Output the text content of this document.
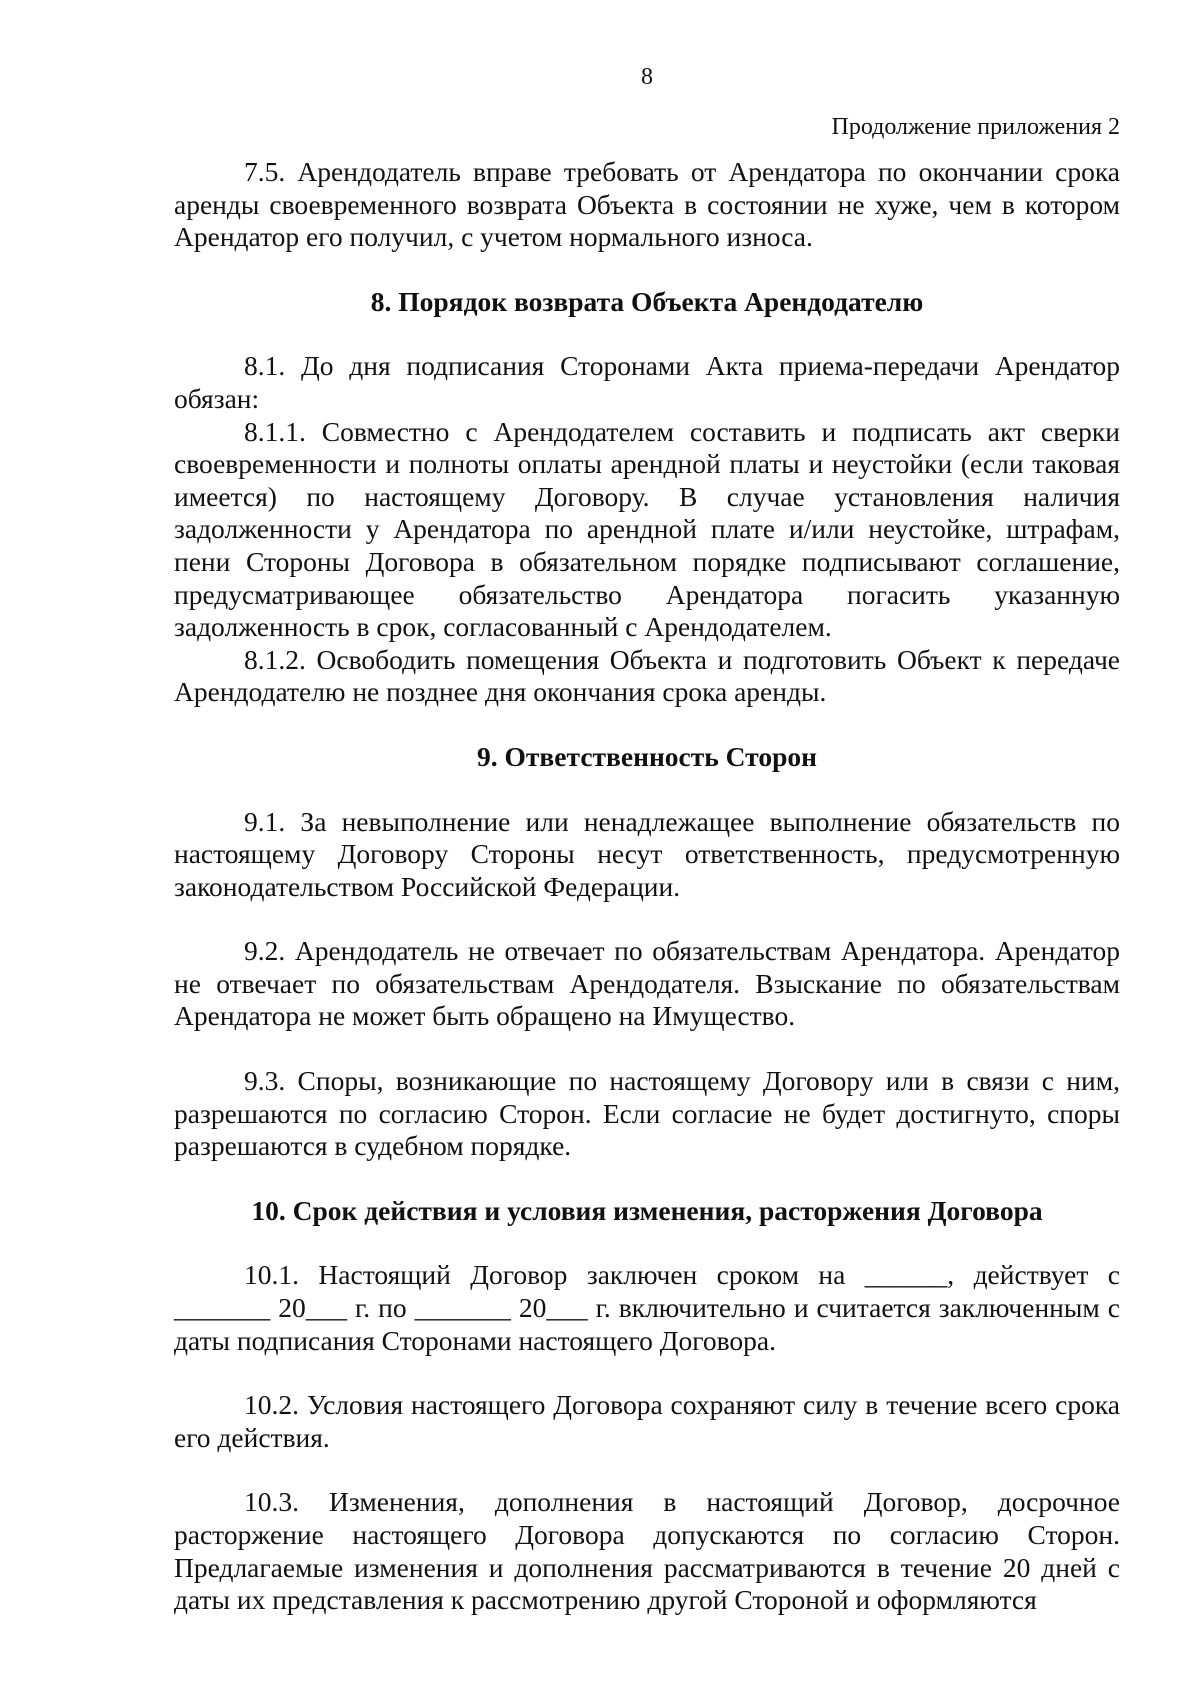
8
Продолжение приложения 2

7.5. Арендодатель вправе требовать от Арендатора по окончании срока аренды своевременного возврата Объекта в состоянии не хуже, чем в котором Арендатор его получил, с учетом нормального износа.

8. Порядок возврата Объекта Арендодателю

8.1. До дня подписания Сторонами Акта приема-передачи Арендатор обязан:

8.1.1. Совместно с Арендодателем составить и подписать акт сверки своевременности и полноты оплаты арендной платы и неустойки (если таковая имеется) по настоящему Договору. В случае установления наличия задолженности у Арендатора по арендной плате и/или неустойке, штрафам, пени Стороны Договора в обязательном порядке подписывают соглашение, предусматривающее обязательство Арендатора погасить указанную задолженность в срок, согласованный с Арендодателем.

8.1.2. Освободить помещения Объекта и подготовить Объект к передаче Арендодателю не позднее дня окончания срока аренды.

9. Ответственность Сторон

9.1. За невыполнение или ненадлежащее выполнение обязательств по настоящему Договору Стороны несут ответственность, предусмотренную законодательством Российской Федерации.

9.2. Арендодатель не отвечает по обязательствам Арендатора. Арендатор не отвечает по обязательствам Арендодателя. Взыскание по обязательствам Арендатора не может быть обращено на Имущество.

9.3. Споры, возникающие по настоящему Договору или в связи с ним, разрешаются по согласию Сторон. Если согласие не будет достигнуто, споры разрешаются в судебном порядке.

10. Срок действия и условия изменения, расторжения Договора

10.1. Настоящий Договор заключен сроком на ______, действует с _______ 20___ г. по _______ 20___ г. включительно и считается заключенным с даты подписания Сторонами настоящего Договора.

10.2. Условия настоящего Договора сохраняют силу в течение всего срока его действия.

10.3. Изменения, дополнения в настоящий Договор, досрочное расторжение настоящего Договора допускаются по согласию Сторон. Предлагаемые изменения и дополнения рассматриваются в течение 20 дней с даты их представления к рассмотрению другой Стороной и оформляются
